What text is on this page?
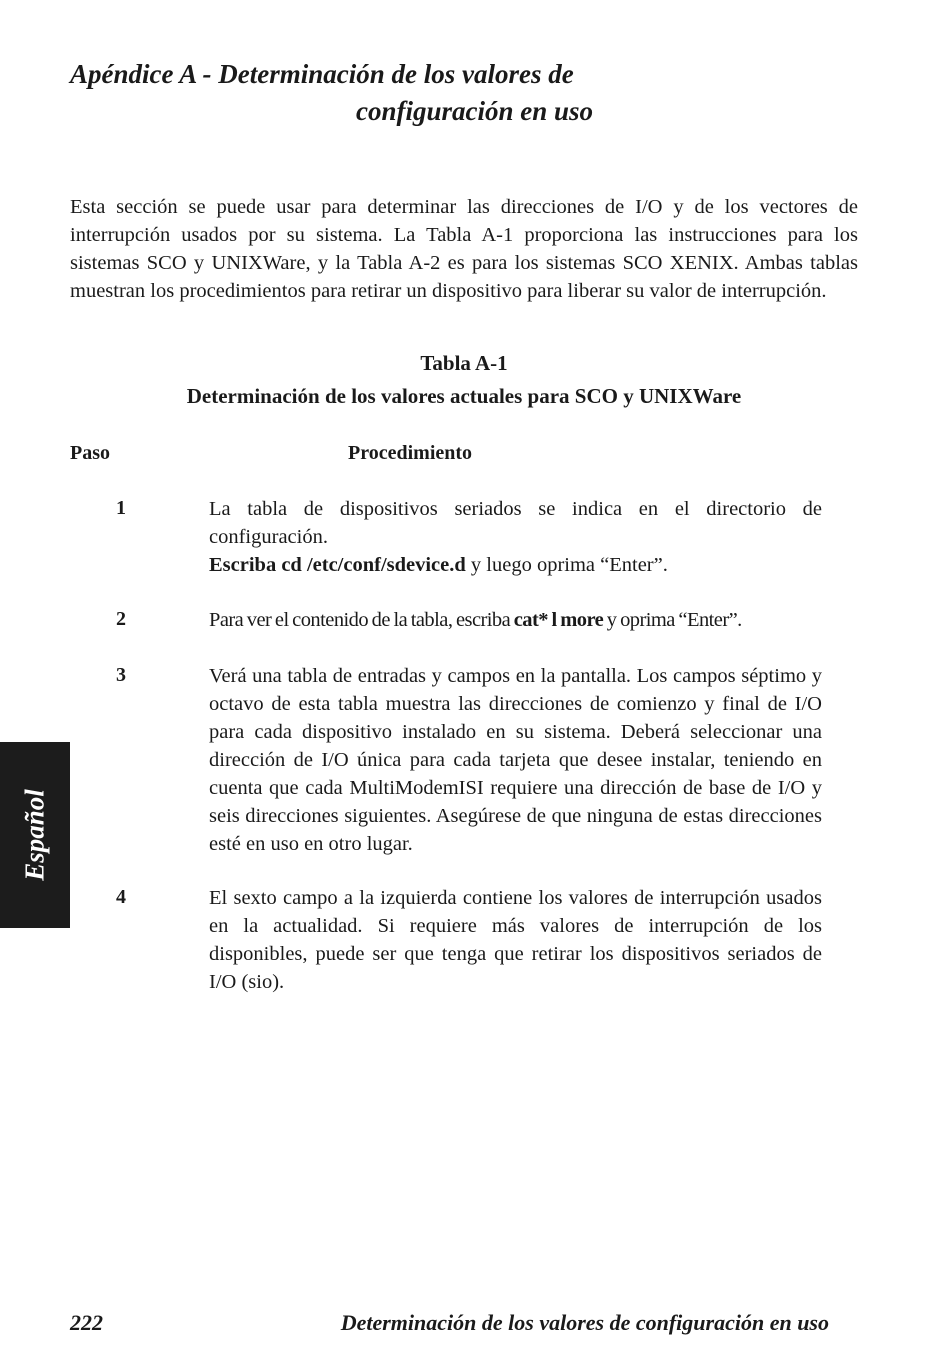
Apéndice A - Determinación de los valores de
configuración en uso

Esta sección se puede usar para determinar las direcciones de I/O y de los vectores de interrupción usados por su sistema. La Tabla A-1 proporciona las instrucciones para los sistemas SCO y UNIXWare, y la Tabla A-2 es para los sistemas SCO XENIX. Ambas tablas muestran los procedimientos para retirar un dispositivo para liberar su valor de interrupción.

Tabla A-1
Determinación de los valores actuales para SCO y UNIXWare
Paso	Procedimiento
1	La tabla de dispositivos seriados se indica en el directorio de configuración.
Escriba cd /etc/conf/sdevice.d y luego oprima “Enter”.
2	Para ver el contenido de la tabla, escriba cat* l more y oprima “Enter”.
3	Verá una tabla de entradas y campos en la pantalla. Los campos séptimo y octavo de esta tabla muestra las direcciones de comienzo y final de I/O para cada dispositivo instalado en su sistema. Deberá seleccionar una dirección de I/O única para cada tarjeta que desee instalar, teniendo en cuenta que cada MultiModemISI requiere una dirección de base de I/O y seis direcciones siguientes. Asegúrese de que ninguna de estas direcciones esté en uso en otro lugar.

4	El sexto campo a la izquierda contiene los valores de interrupción usados en la actualidad. Si requiere más valores de interrupción de los disponibles, puede ser que tenga que retirar los dispositivos seriados de I/O (sio).

Español
222	Determinación de los valores de configuración en uso
